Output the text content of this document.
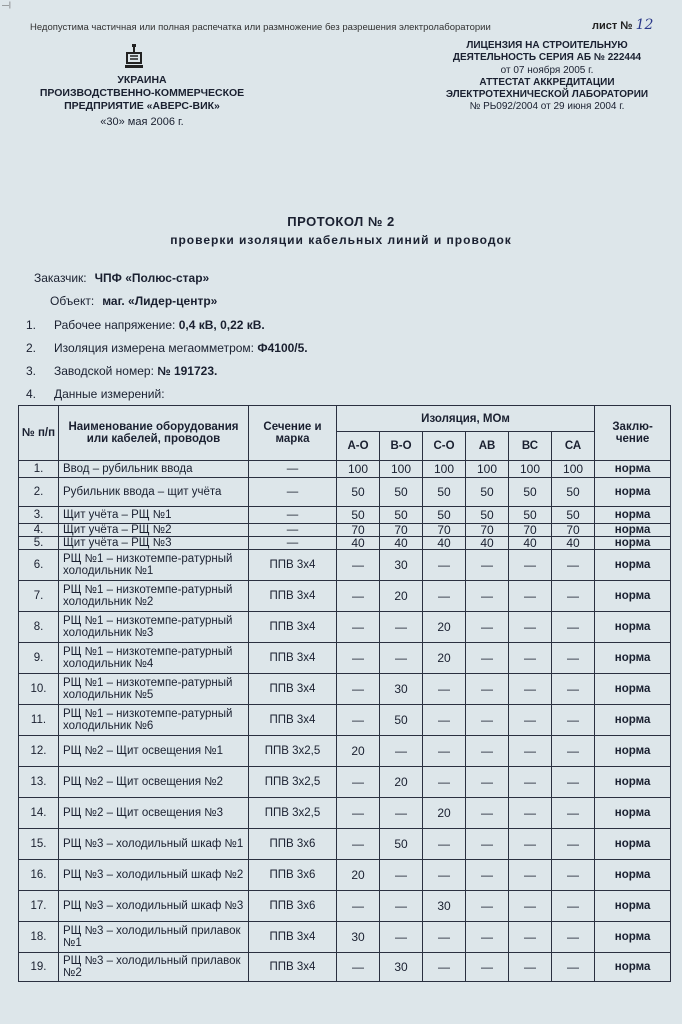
—|
Недопустима частичная или полная распечатка или размножение без разрешения электролаборатории	лист № 12
УКРАИНА
ПРОИЗВОДСТВЕННО-КОММЕРЧЕСКОЕ
ПРЕДПРИЯТИЕ «АВЕРС-ВИК»
«30» мая 2006 г.
ЛИЦЕНЗИЯ НА СТРОИТЕЛЬНУЮ
ДЕЯТЕЛЬНОСТЬ СЕРИЯ АБ № 222444
от 07 ноября 2005 г.
АТТЕСТАТ АККРЕДИТАЦИИ
ЭЛЕКТРОТЕХНИЧЕСКОЙ ЛАБОРАТОРИИ
№ РЬ092/2004 от 29 июня 2004 г.
ПРОТОКОЛ № 2
проверки изоляции кабельных линий и проводок
Заказчик: ЧПФ «Полюс-стар»
Объект: маг. «Лидер-центр»
1. Рабочее напряжение: 0,4 кВ, 0,22 кВ.
2. Изоляция измерена мегаомметром: Ф4100/5.
3. Заводской номер: № 191723.
4. Данные измерений:
№ п/п	Наименование оборудования или кабелей, проводов	Сечение и марка	Изоляция, МОм						Заклю-чение
			А-О	В-О	С-О	АВ	ВС	СА	
1.	Ввод – рубильник ввода	—	100	100	100	100	100	100	норма
2.	Рубильник ввода – щит учёта	—	50	50	50	50	50	50	норма
3.	Щит учёта – РЩ №1	—	50	50	50	50	50	50	норма
4.	Щит учёта – РЩ №2	—	70	70	70	70	70	70	норма
5.	Щит учёта – РЩ №3	—	40	40	40	40	40	40	норма
6.	РЩ №1 – низкотемпе-ратурный холодильник №1	ППВ 3х4	—	30	—	—	—	—	норма
7.	РЩ №1 – низкотемпе-ратурный холодильник №2	ППВ 3х4	—	20	—	—	—	—	норма
8.	РЩ №1 – низкотемпе-ратурный холодильник №3	ППВ 3х4	—	—	20	—	—	—	норма
9.	РЩ №1 – низкотемпе-ратурный холодильник №4	ППВ 3х4	—	—	20	—	—	—	норма
10.	РЩ №1 – низкотемпе-ратурный холодильник №5	ППВ 3х4	—	30	—	—	—	—	норма
11.	РЩ №1 – низкотемпе-ратурный холодильник №6	ППВ 3х4	—	50	—	—	—	—	норма
12.	РЩ №2 – Щит освещения №1	ППВ 3х2,5	20	—	—	—	—	—	норма
13.	РЩ №2 – Щит освещения №2	ППВ 3х2,5	—	20	—	—	—	—	норма
14.	РЩ №2 – Щит освещения №3	ППВ 3х2,5	—	—	20	—	—	—	норма
15.	РЩ №3 – холодильный шкаф №1	ППВ 3х6	—	50	—	—	—	—	норма
16.	РЩ №3 – холодильный шкаф №2	ППВ 3х6	20	—	—	—	—	—	норма
17.	РЩ №3 – холодильный шкаф №3	ППВ 3х6	—	—	30	—	—	—	норма
18.	РЩ №3 – холодильный прилавок №1	ППВ 3х4	30	—	—	—	—	—	норма
19.	РЩ №3 – холодильный прилавок №2	ППВ 3х4	—	30	—	—	—	—	норма
